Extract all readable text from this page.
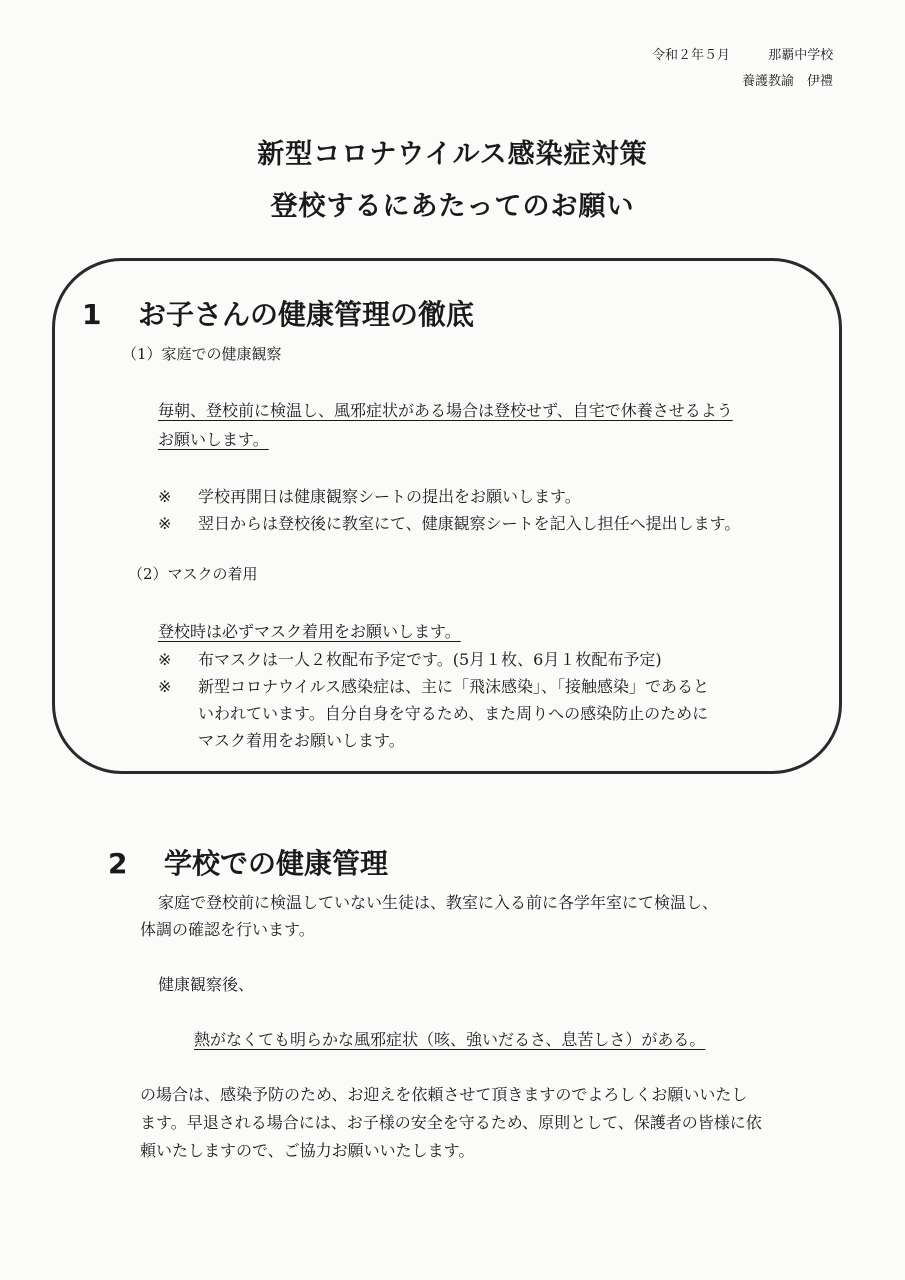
令和２年５月	那覇中学校
養護教諭　伊禮
新型コロナウイルス感染症対策
登校するにあたってのお願い
1 お子さんの健康管理の徹底
（1）家庭での健康観察
毎朝、登校前に検温し、風邪症状がある場合は登校せず、自宅で休養させるよう
お願いします。
※ 学校再開日は健康観察シートの提出をお願いします。
※ 翌日からは登校後に教室にて、健康観察シートを記入し担任へ提出します。
（2）マスクの着用
登校時は必ずマスク着用をお願いします。
※ 布マスクは一人２枚配布予定です。(5月１枚、6月１枚配布予定)
※ 新型コロナウイルス感染症は、主に「飛沫感染」、「接触感染」であると
いわれています。自分自身を守るため、また周りへの感染防止のために
マスク着用をお願いします。
2 学校での健康管理
家庭で登校前に検温していない生徒は、教室に入る前に各学年室にて検温し、
体調の確認を行います。
健康観察後、
熱がなくても明らかな風邪症状（咳、強いだるさ、息苦しさ）がある。
の場合は、感染予防のため、お迎えを依頼させて頂きますのでよろしくお願いいたし
ます。早退される場合には、お子様の安全を守るため、原則として、保護者の皆様に依
頼いたしますので、ご協力お願いいたします。
